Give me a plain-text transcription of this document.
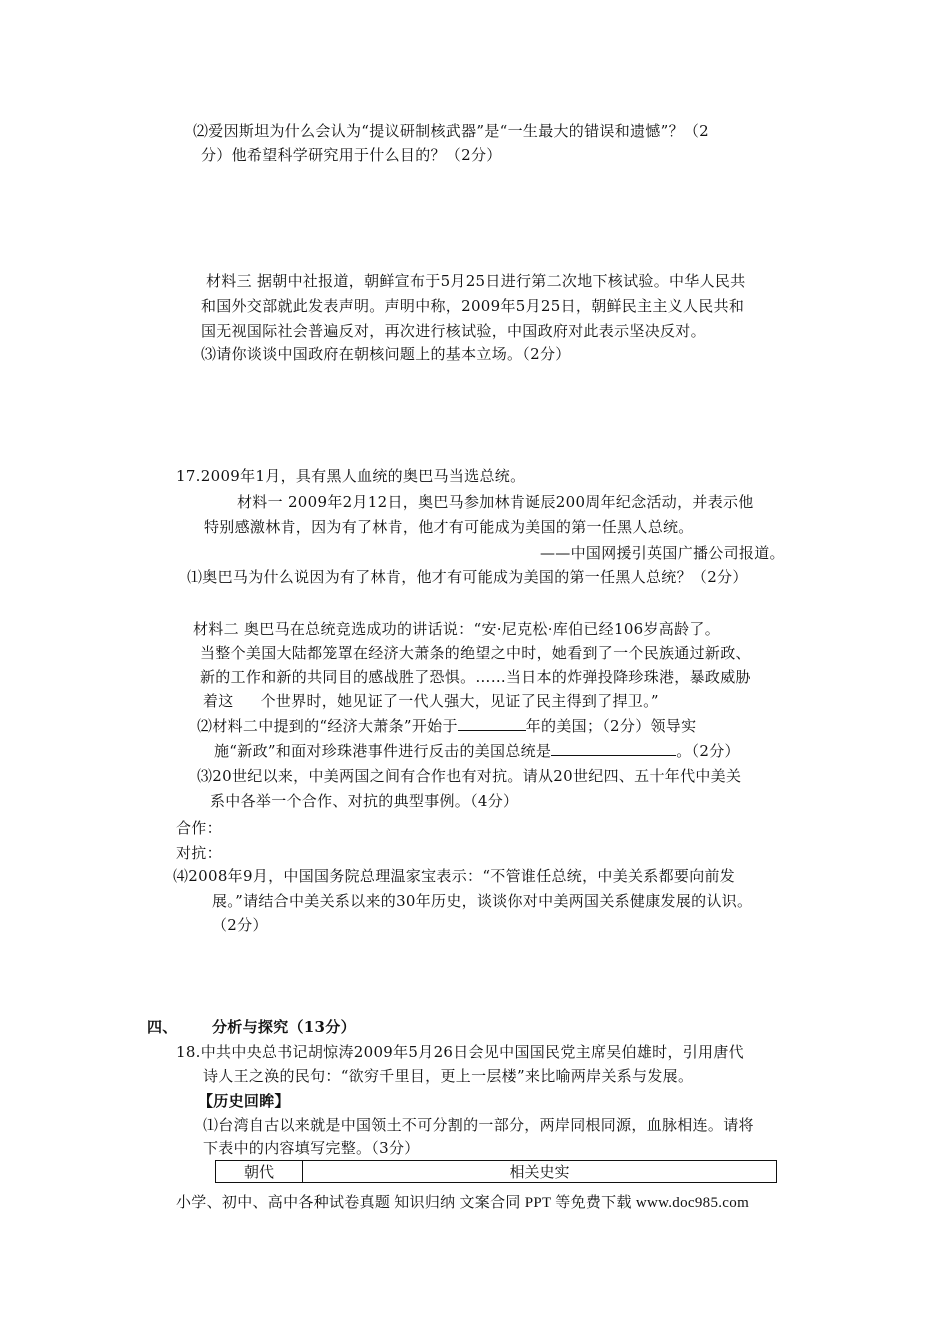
⑵爱因斯坦为什么会认为“提议研制核武器”是“一生最大的错误和遗憾”？（2
分）他希望科学研究用于什么目的？（2分）
材料三 据朝中社报道，朝鲜宣布于5月25日进行第二次地下核试验。中华人民共
和国外交部就此发表声明。声明中称，2009年5月25日，朝鲜民主主义人民共和
国无视国际社会普遍反对，再次进行核试验，中国政府对此表示坚决反对。
⑶请你谈谈中国政府在朝核问题上的基本立场。（2分）
17.2009年1月，具有黑人血统的奥巴马当选总统。
材料一 2009年2月12日，奥巴马参加林肯诞辰200周年纪念活动，并表示他
特别感激林肯，因为有了林肯，他才有可能成为美国的第一任黑人总统。
——中国网援引英国广播公司报道。
⑴奥巴马为什么说因为有了林肯，他才有可能成为美国的第一任黑人总统？（2分）
材料二 奥巴马在总统竞选成功的讲话说：“安·尼克松·库伯已经106岁高龄了。
当整个美国大陆都笼罩在经济大萧条的绝望之中时，她看到了一个民族通过新政、
新的工作和新的共同目的感战胜了恐惧。……当日本的炸弹投降珍珠港，暴政威胁
着这 个世界时，她见证了一代人强大，见证了民主得到了捍卫。”
⑵材料二中提到的“经济大萧条”开始于	年的美国；（2分）领导实
施“新政”和面对珍珠港事件进行反击的美国总统是	。（2分）
⑶20世纪以来，中美两国之间有合作也有对抗。请从20世纪四、五十年代中美关
系中各举一个合作、对抗的典型事例。（4分）
合作：
对抗：
⑷2008年9月，中国国务院总理温家宝表示：“不管谁任总统，中美关系都要向前发
展。”请结合中美关系以来的30年历史，谈谈你对中美两国关系健康发展的认识。
（2分）
四、 分析与探究（13分）
18.中共中央总书记胡惊涛2009年5月26日会见中国国民党主席吴伯雄时，引用唐代
诗人王之涣的民句：“欲穷千里目，更上一层楼”来比喻两岸关系与发展。
【历史回眸】
⑴台湾自古以来就是中国领土不可分割的一部分，两岸同根同源，血脉相连。请将
下表中的内容填写完整。（3分）
朝代	相关史实
小学、初中、高中各种试卷真题 知识归纳 文案合同 PPT 等免费下载 www.doc985.com
